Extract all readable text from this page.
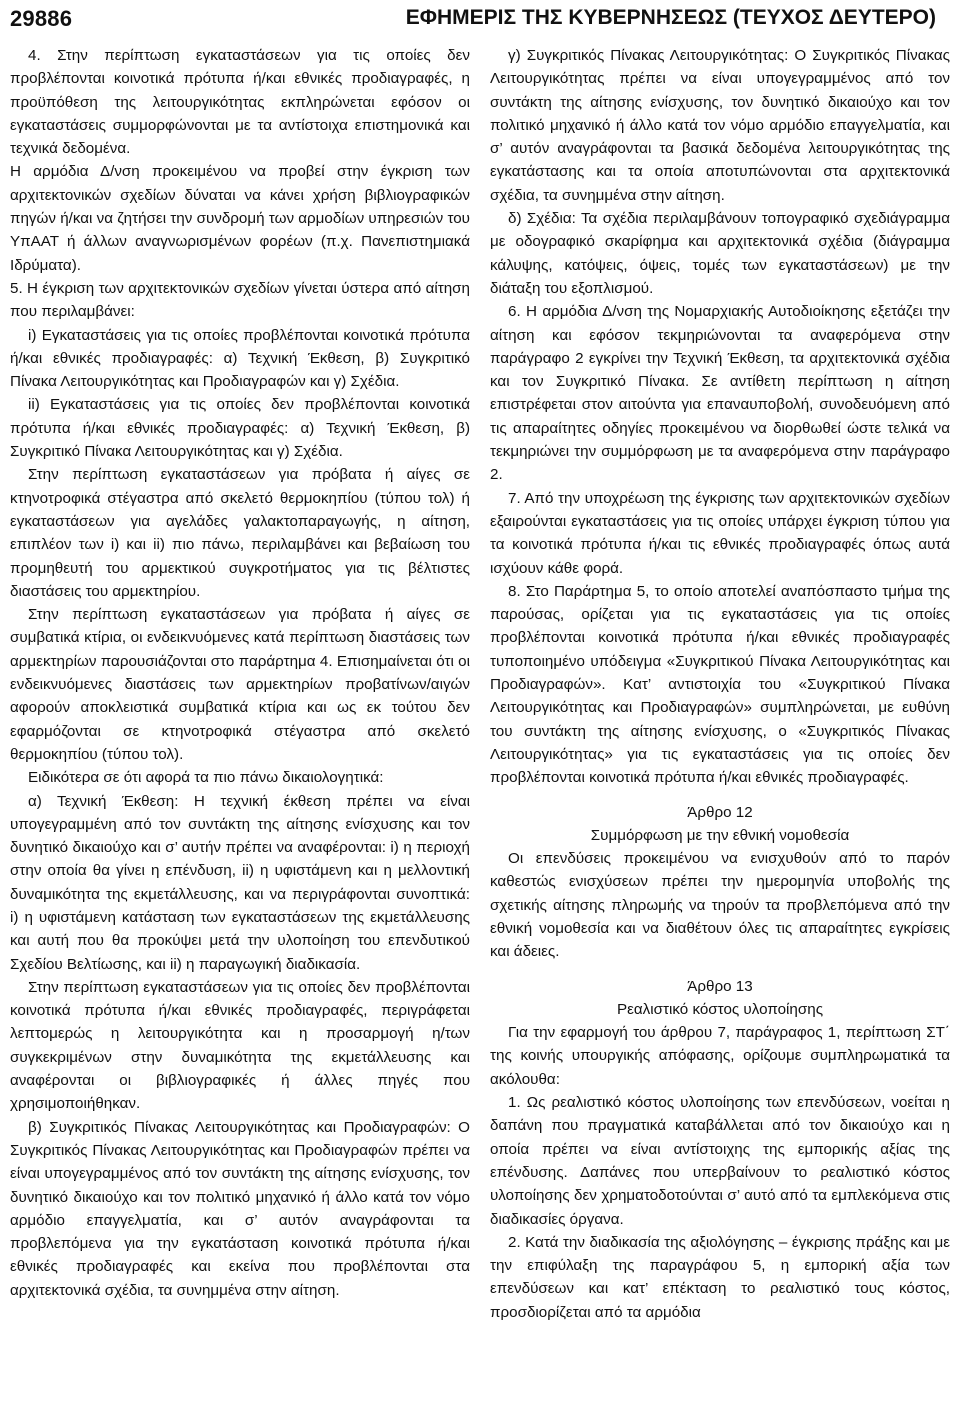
29886	ΕΦΗΜΕΡΙΣ ΤΗΣ ΚΥΒΕΡΝΗΣΕΩΣ (ΤΕΥΧΟΣ ΔΕΥΤΕΡΟ)

4. Στην περίπτωση εγκαταστάσεων για τις οποίες δεν προβλέπονται κοινοτικά πρότυπα ή/και εθνικές προδιαγραφές, η προϋπόθεση της λειτουργικότητας εκπληρώνεται εφόσον οι εγκαταστάσεις συμμορφώνονται με τα αντίστοιχα επιστημονικά και τεχνικά δεδομένα.

Η αρμόδια Δ/νση προκειμένου να προβεί στην έγκριση των αρχιτεκτονικών σχεδίων δύναται να κάνει χρήση βιβλιογραφικών πηγών ή/και να ζητήσει την συνδρομή των αρμοδίων υπηρεσιών του ΥπΑΑΤ ή άλλων αναγνωρισμένων φορέων (π.χ. Πανεπιστημιακά Ιδρύματα).

5. Η έγκριση των αρχιτεκτονικών σχεδίων γίνεται ύστερα από αίτηση που περιλαμβάνει:

i) Εγκαταστάσεις για τις οποίες προβλέπονται κοινοτικά πρότυπα ή/και εθνικές προδιαγραφές: α) Τεχνική Έκθεση, β) Συγκριτικό Πίνακα Λειτουργικότητας και Προδιαγραφών και γ) Σχέδια.

ii) Εγκαταστάσεις για τις οποίες δεν προβλέπονται κοινοτικά πρότυπα ή/και εθνικές προδιαγραφές: α) Τεχνική Έκθεση, β) Συγκριτικό Πίνακα Λειτουργικότητας και γ) Σχέδια.

Στην περίπτωση εγκαταστάσεων για πρόβατα ή αίγες σε κτηνοτροφικά στέγαστρα από σκελετό θερμοκηπίου (τύπου τολ) ή εγκαταστάσεων για αγελάδες γαλακτοπαραγωγής, η αίτηση, επιπλέον των i) και ii) πιο πάνω, περιλαμβάνει και βεβαίωση του προμηθευτή του αρμεκτικού συγκροτήματος για τις βέλτιστες διαστάσεις του αρμεκτηρίου.

Στην περίπτωση εγκαταστάσεων για πρόβατα ή αίγες σε συμβατικά κτίρια, οι ενδεικνυόμενες κατά περίπτωση διαστάσεις των αρμεκτηρίων παρουσιάζονται στο παράρτημα 4. Επισημαίνεται ότι οι ενδεικνυόμενες διαστάσεις των αρμεκτηρίων προβατίνων/αιγών αφορούν αποκλειστικά συμβατικά κτίρια και ως εκ τούτου δεν εφαρμόζονται σε κτηνοτροφικά στέγαστρα από σκελετό θερμοκηπίου (τύπου τολ).

Ειδικότερα σε ότι αφορά τα πιο πάνω δικαιολογητικά:

α) Τεχνική Έκθεση: Η τεχνική έκθεση πρέπει να είναι υπογεγραμμένη από τον συντάκτη της αίτησης ενίσχυσης και τον δυνητικό δικαιούχο και σ’ αυτήν πρέπει να αναφέρονται: i) η περιοχή στην οποία θα γίνει η επένδυση, ii) η υφιστάμενη και η μελλοντική δυναμικότητα της εκμετάλλευσης, και να περιγράφονται συνοπτικά: i) η υφιστάμενη κατάσταση των εγκαταστάσεων της εκμετάλλευσης και αυτή που θα προκύψει μετά την υλοποίηση του επενδυτικού Σχεδίου Βελτίωσης, και ii) η παραγωγική διαδικασία.

Στην περίπτωση εγκαταστάσεων για τις οποίες δεν προβλέπονται κοινοτικά πρότυπα ή/και εθνικές προδιαγραφές, περιγράφεται λεπτομερώς η λειτουργικότητα και η προσαρμογή η/των συγκεκριμένων στην δυναμικότητα της εκμετάλλευσης και αναφέρονται οι βιβλιογραφικές ή άλλες πηγές που χρησιμοποιήθηκαν.

β) Συγκριτικός Πίνακας Λειτουργικότητας και Προδιαγραφών: Ο Συγκριτικός Πίνακας Λειτουργικότητας και Προδιαγραφών πρέπει να είναι υπογεγραμμένος από τον συντάκτη της αίτησης ενίσχυσης, τον δυνητικό δικαιούχο και τον πολιτικό μηχανικό ή άλλο κατά τον νόμο αρμόδιο επαγγελματία, και σ’ αυτόν αναγράφονται τα προβλεπόμενα για την εγκατάσταση κοινοτικά πρότυπα ή/και εθνικές προδιαγραφές και εκείνα που προβλέπονται στα αρχιτεκτονικά σχέδια, τα συνημμένα στην αίτηση.

γ) Συγκριτικός Πίνακας Λειτουργικότητας: Ο Συγκριτικός Πίνακας Λειτουργικότητας πρέπει να είναι υπογεγραμμένος από τον συντάκτη της αίτησης ενίσχυσης, τον δυνητικό δικαιούχο και τον πολιτικό μηχανικό ή άλλο κατά τον νόμο αρμόδιο επαγγελματία, και σ’ αυτόν αναγράφονται τα βασικά δεδομένα λειτουργικότητας της εγκατάστασης και τα οποία αποτυπώνονται στα αρχιτεκτονικά σχέδια, τα συνημμένα στην αίτηση.

δ) Σχέδια: Τα σχέδια περιλαμβάνουν τοπογραφικό σχεδιάγραμμα με οδογραφικό σκαρίφημα και αρχιτεκτονικά σχέδια (διάγραμμα κάλυψης, κατόψεις, όψεις, τομές των εγκαταστάσεων) με την διάταξη του εξοπλισμού.

6. Η αρμόδια Δ/νση της Νομαρχιακής Αυτοδιοίκησης εξετάζει την αίτηση και εφόσον τεκμηριώνονται τα αναφερόμενα στην παράγραφο 2 εγκρίνει την Τεχνική Έκθεση, τα αρχιτεκτονικά σχέδια και τον Συγκριτικό Πίνακα. Σε αντίθετη περίπτωση η αίτηση επιστρέφεται στον αιτούντα για επαναυποβολή, συνοδευόμενη από τις απαραίτητες οδηγίες προκειμένου να διορθωθεί ώστε τελικά να τεκμηριώνει την συμμόρφωση με τα αναφερόμενα στην παράγραφο 2.

7. Από την υποχρέωση της έγκρισης των αρχιτεκτονικών σχεδίων εξαιρούνται εγκαταστάσεις για τις οποίες υπάρχει έγκριση τύπου για τα κοινοτικά πρότυπα ή/και τις εθνικές προδιαγραφές όπως αυτά ισχύουν κάθε φορά.

8. Στο Παράρτημα 5, το οποίο αποτελεί αναπόσπαστο τμήμα της παρούσας, ορίζεται για τις εγκαταστάσεις για τις οποίες προβλέπονται κοινοτικά πρότυπα ή/και εθνικές προδιαγραφές τυποποιημένο υπόδειγμα «Συγκριτικού Πίνακα Λειτουργικότητας και Προδιαγραφών». Κατ’ αντιστοιχία του «Συγκριτικού Πίνακα Λειτουργικότητας και Προδιαγραφών» συμπληρώνεται, με ευθύνη του συντάκτη της αίτησης ενίσχυσης, ο «Συγκριτικός Πίνακας Λειτουργικότητας» για τις εγκαταστάσεις για τις οποίες δεν προβλέπονται κοινοτικά πρότυπα ή/και εθνικές προδιαγραφές.

Άρθρο 12

Συμμόρφωση με την εθνική νομοθεσία

Οι επενδύσεις προκειμένου να ενισχυθούν από το παρόν καθεστώς ενισχύσεων πρέπει την ημερομηνία υποβολής της σχετικής αίτησης πληρωμής να τηρούν τα προβλεπόμενα από την εθνική νομοθεσία και να διαθέτουν όλες τις απαραίτητες εγκρίσεις και άδειες.

Άρθρο 13

Ρεαλιστικό κόστος υλοποίησης

Για την εφαρμογή του άρθρου 7, παράγραφος 1, περίπτωση ΣΤ΄ της κοινής υπουργικής απόφασης, ορίζουμε συμπληρωματικά τα ακόλουθα:

1. Ως ρεαλιστικό κόστος υλοποίησης των επενδύσεων, νοείται η δαπάνη που πραγματικά καταβάλλεται από τον δικαιούχο και η οποία πρέπει να είναι αντίστοιχης της εμπορικής αξίας της επένδυσης. Δαπάνες που υπερβαίνουν το ρεαλιστικό κόστος υλοποίησης δεν χρηματοδοτούνται σ’ αυτό από τα εμπλεκόμενα στις διαδικασίες όργανα.

2. Κατά την διαδικασία της αξιολόγησης – έγκρισης πράξης και με την επιφύλαξη της παραγράφου 5, η εμπορική αξία των επενδύσεων και κατ’ επέκταση το ρεαλιστικό τους κόστος, προσδιορίζεται από τα αρμόδια
